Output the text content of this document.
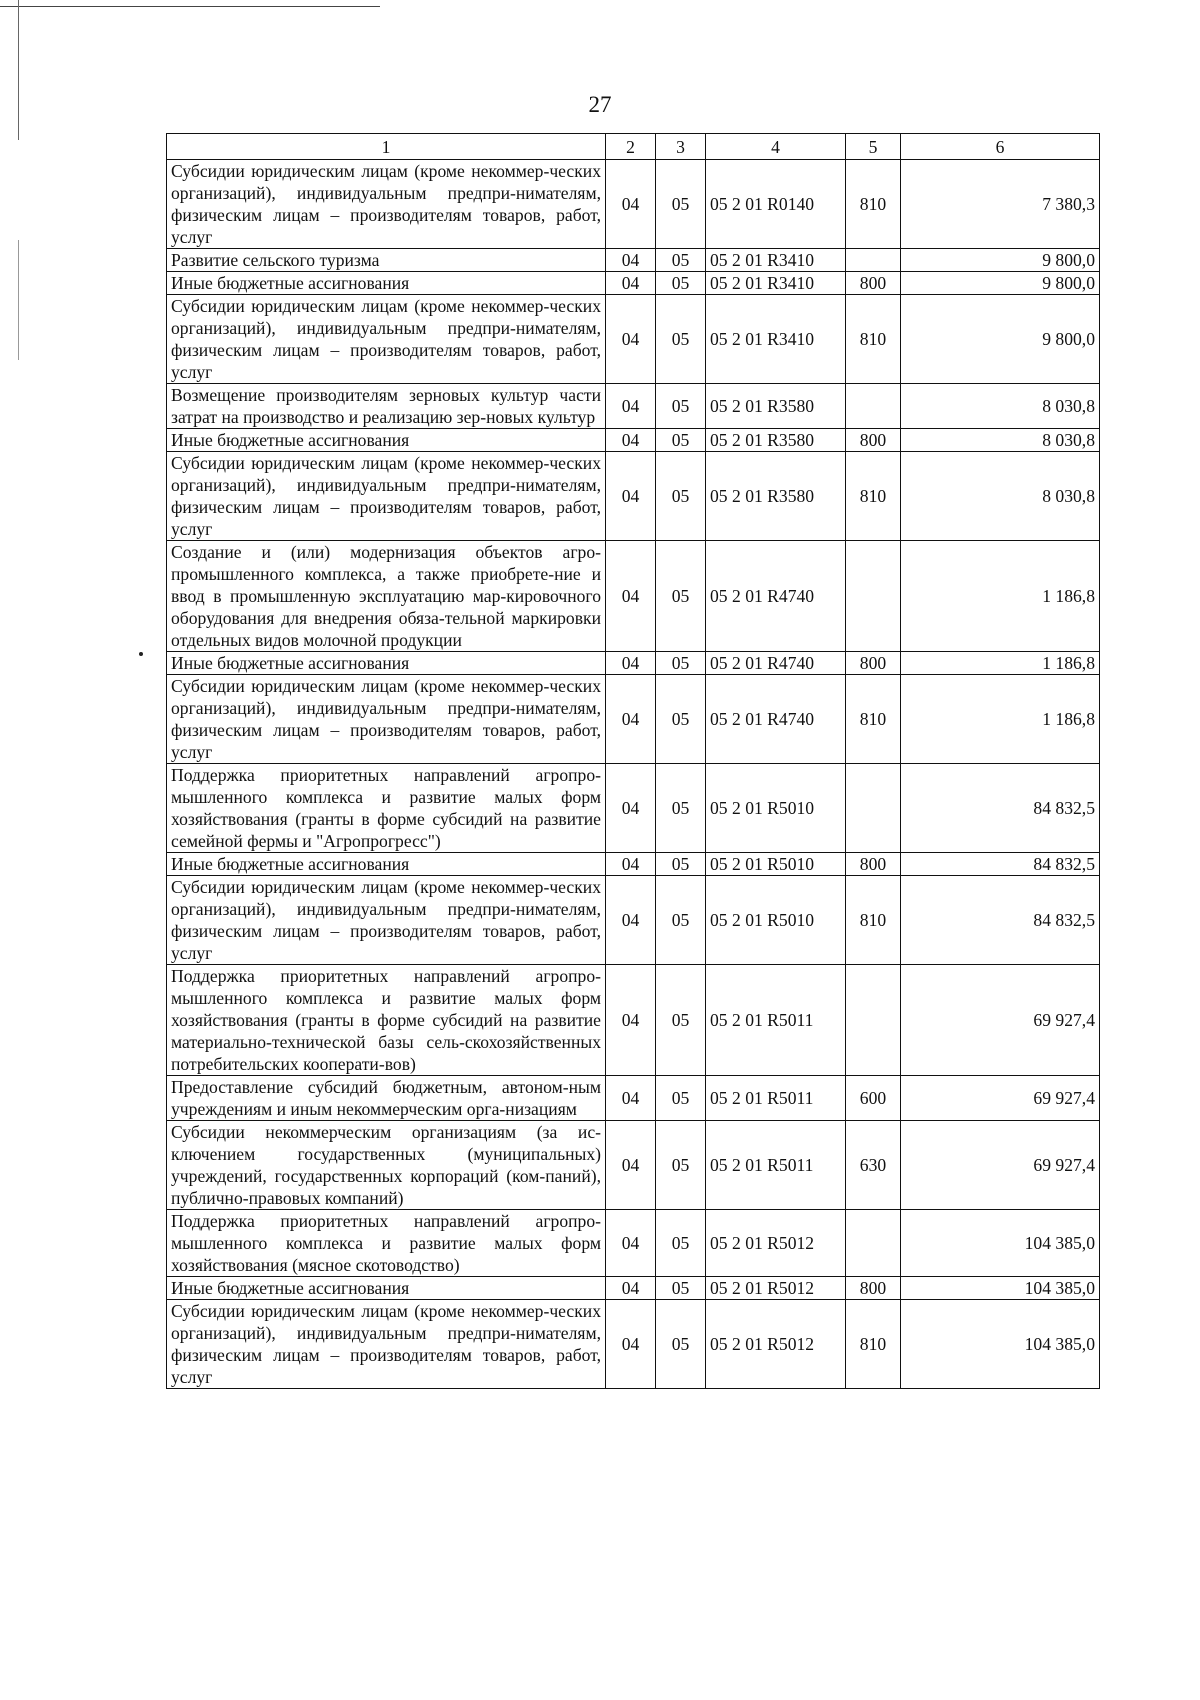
27
1	2	3	4	5	6
Субсидии юридическим лицам (кроме некоммер-ческих организаций), индивидуальным предпри-нимателям, физическим лицам – производителям товаров, работ, услуг	04	05	05 2 01 R0140	810	7 380,3
Развитие сельского туризма	04	05	05 2 01 R3410		9 800,0
Иные бюджетные ассигнования	04	05	05 2 01 R3410	800	9 800,0
Субсидии юридическим лицам (кроме некоммер-ческих организаций), индивидуальным предпри-нимателям, физическим лицам – производителям товаров, работ, услуг	04	05	05 2 01 R3410	810	9 800,0
Возмещение производителям зерновых культур части затрат на производство и реализацию зер-новых культур	04	05	05 2 01 R3580		8 030,8
Иные бюджетные ассигнования	04	05	05 2 01 R3580	800	8 030,8
Субсидии юридическим лицам (кроме некоммер-ческих организаций), индивидуальным предпри-нимателям, физическим лицам – производителям товаров, работ, услуг	04	05	05 2 01 R3580	810	8 030,8
Создание и (или) модернизация объектов агро-промышленного комплекса, а также приобрете-ние и ввод в промышленную эксплуатацию мар-кировочного оборудования для внедрения обяза-тельной маркировки отдельных видов молочной продукции	04	05	05 2 01 R4740		1 186,8
Иные бюджетные ассигнования	04	05	05 2 01 R4740	800	1 186,8
Субсидии юридическим лицам (кроме некоммер-ческих организаций), индивидуальным предпри-нимателям, физическим лицам – производителям товаров, работ, услуг	04	05	05 2 01 R4740	810	1 186,8
Поддержка приоритетных направлений агропро-мышленного комплекса и развитие малых форм хозяйствования (гранты в форме субсидий на развитие семейной фермы и "Агропрогресс")	04	05	05 2 01 R5010		84 832,5
Иные бюджетные ассигнования	04	05	05 2 01 R5010	800	84 832,5
Субсидии юридическим лицам (кроме некоммер-ческих организаций), индивидуальным предпри-нимателям, физическим лицам – производителям товаров, работ, услуг	04	05	05 2 01 R5010	810	84 832,5
Поддержка приоритетных направлений агропро-мышленного комплекса и развитие малых форм хозяйствования (гранты в форме субсидий на развитие материально-технической базы сель-скохозяйственных потребительских кооперати-вов)	04	05	05 2 01 R5011		69 927,4
Предоставление субсидий бюджетным, автоном-ным учреждениям и иным некоммерческим орга-низациям	04	05	05 2 01 R5011	600	69 927,4
Субсидии некоммерческим организациям (за ис-ключением государственных (муниципальных) учреждений, государственных корпораций (ком-паний), публично-правовых компаний)	04	05	05 2 01 R5011	630	69 927,4
Поддержка приоритетных направлений агропро-мышленного комплекса и развитие малых форм хозяйствования (мясное скотоводство)	04	05	05 2 01 R5012		104 385,0
Иные бюджетные ассигнования	04	05	05 2 01 R5012	800	104 385,0
Субсидии юридическим лицам (кроме некоммер-ческих организаций), индивидуальным предпри-нимателям, физическим лицам – производителям товаров, работ, услуг	04	05	05 2 01 R5012	810	104 385,0
